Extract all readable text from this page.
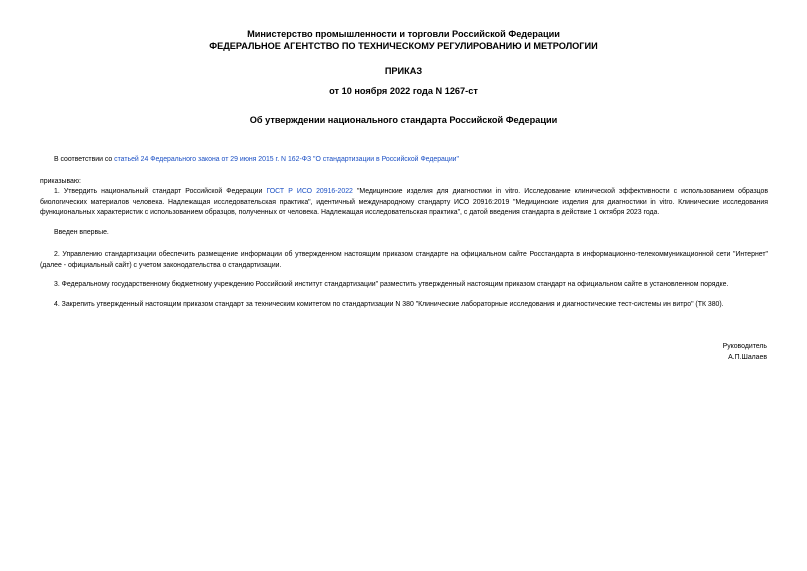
Министерство промышленности и торговли Российской Федерации
ФЕДЕРАЛЬНОЕ АГЕНТСТВО ПО ТЕХНИЧЕСКОМУ РЕГУЛИРОВАНИЮ И МЕТРОЛОГИИ
ПРИКАЗ
от 10 ноября 2022 года N 1267-ст
Об утверждении национального стандарта Российской Федерации
В соответствии со статьей 24 Федерального закона от 29 июня 2015 г. N 162-ФЗ "О стандартизации в Российской Федерации"
приказываю:
1. Утвердить национальный стандарт Российской Федерации ГОСТ Р ИСО 20916-2022 "Медицинские изделия для диагностики in vitro. Исследование клинической эффективности с использованием образцов биологических материалов человека. Надлежащая исследовательская практика", идентичный международному стандарту ИСО 20916:2019 "Медицинские изделия для диагностики in vitro. Клинические исследования функциональных характеристик с использованием образцов, полученных от человека. Надлежащая исследовательская практика", с датой введения стандарта в действие 1 октября 2023 года.
Введен впервые.
2. Управлению стандартизации обеспечить размещение информации об утвержденном настоящим приказом стандарте на официальном сайте Росстандарта в информационно-телекоммуникационной сети "Интернет" (далее - официальный сайт) с учетом законодательства о стандартизации.
3. Федеральному государственному бюджетному учреждению Российский институт стандартизации" разместить утвержденный настоящим приказом стандарт на официальном сайте в установленном порядке.
4. Закрепить утвержденный настоящим приказом стандарт за техническим комитетом по стандартизации N 380 "Клинические лабораторные исследования и диагностические тест-системы ин витро" (ТК 380).
Руководитель
А.П.Шалаев
